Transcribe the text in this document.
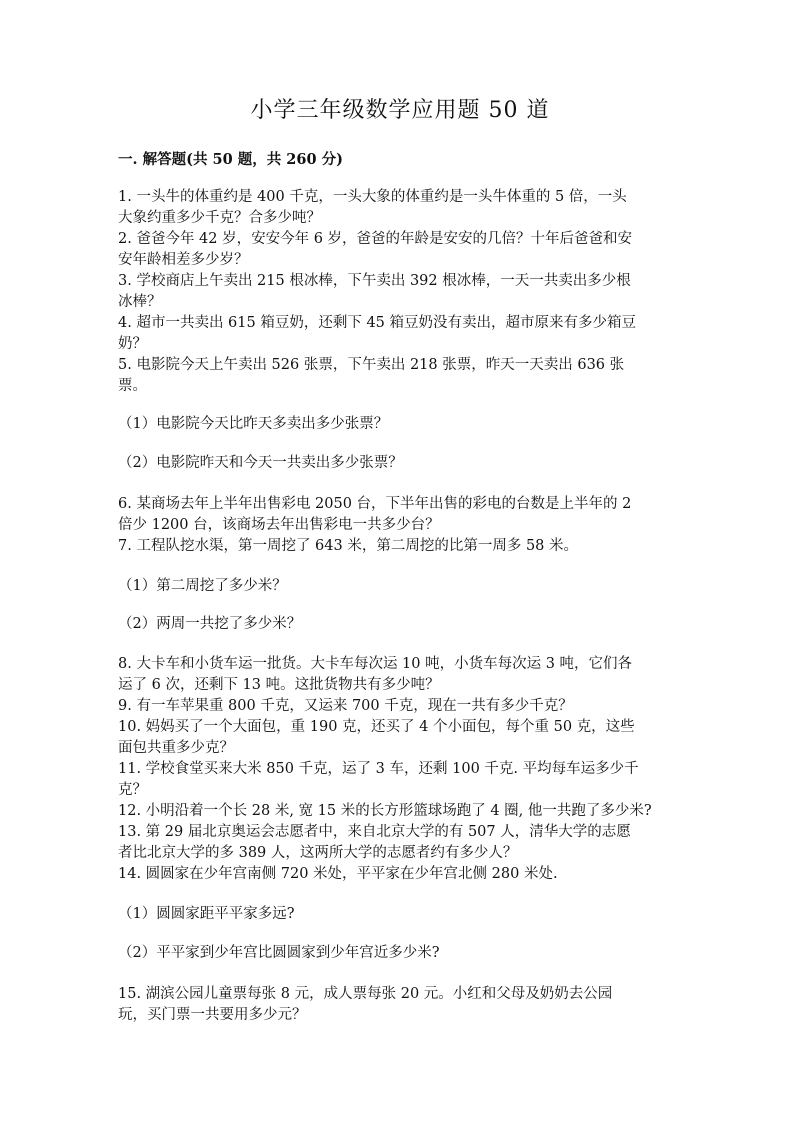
小学三年级数学应用题 50 道
一. 解答题(共 50 题，共 260 分)
1. 一头牛的体重约是 400 千克，一头大象的体重约是一头牛体重的 5 倍，一头
大象约重多少千克？合多少吨？
2. 爸爸今年 42 岁，安安今年 6 岁，爸爸的年龄是安安的几倍？十年后爸爸和安
安年龄相差多少岁？
3. 学校商店上午卖出 215 根冰棒，下午卖出 392 根冰棒，一天一共卖出多少根
冰棒？
4. 超市一共卖出 615 箱豆奶，还剩下 45 箱豆奶没有卖出，超市原来有多少箱豆
奶？
5. 电影院今天上午卖出 526 张票，下午卖出 218 张票，昨天一天卖出 636 张
票。
（1）电影院今天比昨天多卖出多少张票？
（2）电影院昨天和今天一共卖出多少张票？
6. 某商场去年上半年出售彩电 2050 台，下半年出售的彩电的台数是上半年的 2
倍少 1200 台，该商场去年出售彩电一共多少台？
7. 工程队挖水渠，第一周挖了 643 米，第二周挖的比第一周多 58 米。
（1）第二周挖了多少米？
（2）两周一共挖了多少米？
8. 大卡车和小货车运一批货。大卡车每次运 10 吨，小货车每次运 3 吨，它们各
运了 6 次，还剩下 13 吨。这批货物共有多少吨？
9. 有一车苹果重 800 千克，又运来 700 千克，现在一共有多少千克？
10. 妈妈买了一个大面包，重 190 克，还买了 4 个小面包，每个重 50 克，这些
面包共重多少克？
11. 学校食堂买来大米 850 千克，运了 3 车，还剩 100 千克. 平均每车运多少千
克？
12. 小明沿着一个长 28 米, 宽 15 米的长方形篮球场跑了 4 圈, 他一共跑了多少米?
13. 第 29 届北京奥运会志愿者中，来自北京大学的有 507 人，清华大学的志愿
者比北京大学的多 389 人，这两所大学的志愿者约有多少人？
14. 圆圆家在少年宫南侧 720 米处，平平家在少年宫北侧 280 米处.
（1）圆圆家距平平家多远?
（2）平平家到少年宫比圆圆家到少年宫近多少米?
15. 湖滨公园儿童票每张 8 元，成人票每张 20 元。小红和父母及奶奶去公园
玩，买门票一共要用多少元？
